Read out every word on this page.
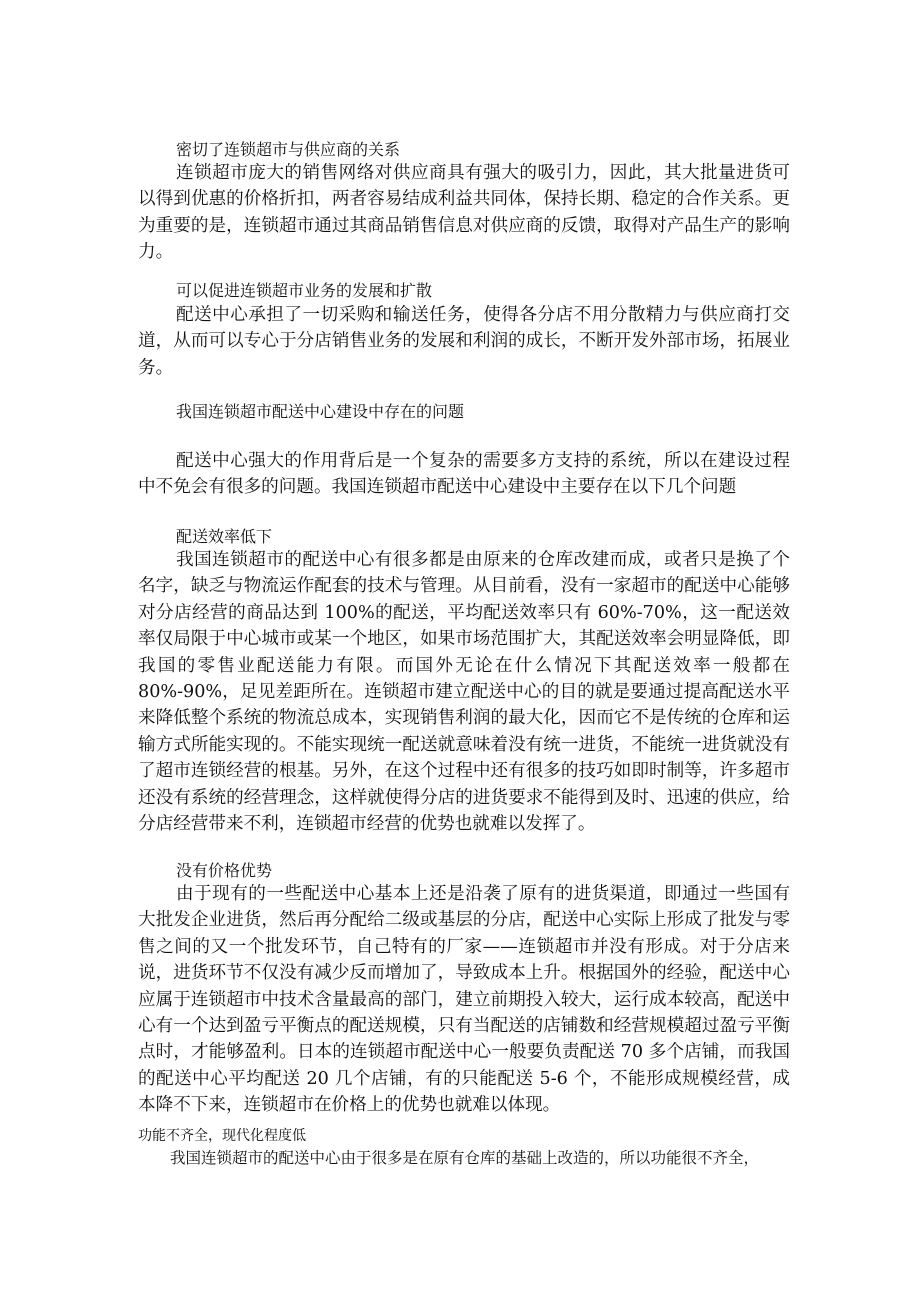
密切了连锁超市与供应商的关系
连锁超市庞大的销售网络对供应商具有强大的吸引力，因此，其大批量进货可以得到优惠的价格折扣，两者容易结成利益共同体，保持长期、稳定的合作关系。更为重要的是，连锁超市通过其商品销售信息对供应商的反馈，取得对产品生产的影响力。
可以促进连锁超市业务的发展和扩散
配送中心承担了一切采购和输送任务，使得各分店不用分散精力与供应商打交道，从而可以专心于分店销售业务的发展和利润的成长，不断开发外部市场，拓展业务。
我国连锁超市配送中心建设中存在的问题
配送中心强大的作用背后是一个复杂的需要多方支持的系统，所以在建设过程中不免会有很多的问题。我国连锁超市配送中心建设中主要存在以下几个问题
配送效率低下
我国连锁超市的配送中心有很多都是由原来的仓库改建而成，或者只是换了个名字，缺乏与物流运作配套的技术与管理。从目前看，没有一家超市的配送中心能够对分店经营的商品达到 100%的配送，平均配送效率只有 60%-70%，这一配送效率仅局限于中心城市或某一个地区，如果市场范围扩大，其配送效率会明显降低，即我国的零售业配送能力有限。而国外无论在什么情况下其配送效率一般都在 80%-90%，足见差距所在。连锁超市建立配送中心的目的就是要通过提高配送水平来降低整个系统的物流总成本，实现销售利润的最大化，因而它不是传统的仓库和运输方式所能实现的。不能实现统一配送就意味着没有统一进货，不能统一进货就没有了超市连锁经营的根基。另外，在这个过程中还有很多的技巧如即时制等，许多超市还没有系统的经营理念，这样就使得分店的进货要求不能得到及时、迅速的供应，给分店经营带来不利，连锁超市经营的优势也就难以发挥了。
没有价格优势
由于现有的一些配送中心基本上还是沿袭了原有的进货渠道，即通过一些国有大批发企业进货，然后再分配给二级或基层的分店，配送中心实际上形成了批发与零售之间的又一个批发环节，自己特有的厂家——连锁超市并没有形成。对于分店来说，进货环节不仅没有减少反而增加了，导致成本上升。根据国外的经验，配送中心应属于连锁超市中技术含量最高的部门，建立前期投入较大，运行成本较高，配送中心有一个达到盈亏平衡点的配送规模，只有当配送的店铺数和经营规模超过盈亏平衡点时，才能够盈利。日本的连锁超市配送中心一般要负责配送 70 多个店铺，而我国的配送中心平均配送 20 几个店铺，有的只能配送 5-6 个，不能形成规模经营，成本降不下来，连锁超市在价格上的优势也就难以体现。
功能不齐全，现代化程度低
我国连锁超市的配送中心由于很多是在原有仓库的基础上改造的，所以功能很不齐全，
